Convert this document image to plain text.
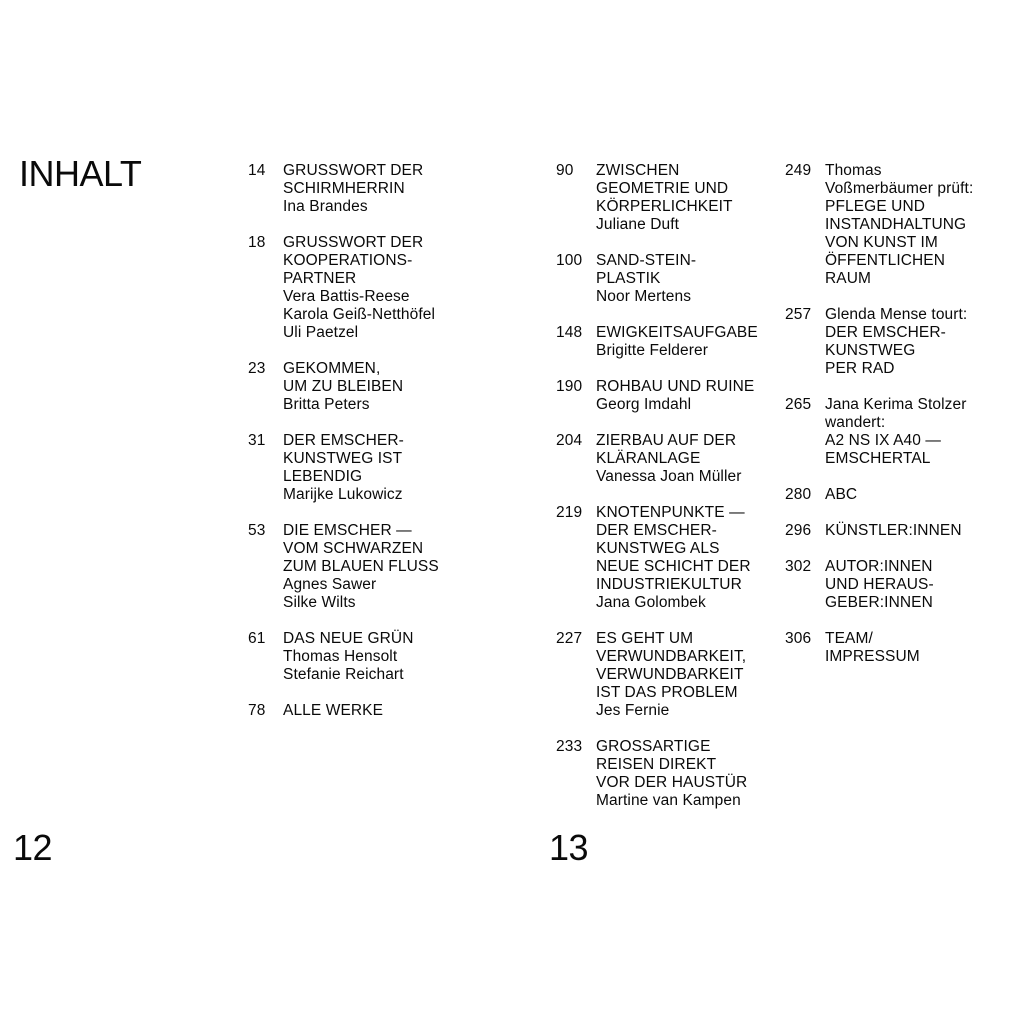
INHALT	14	GRUSSWORT DER
SCHIRMHERRIN
Ina Brandes
18	GRUSSWORT DER
KOOPERATIONS-
PARTNER
Vera Battis-Reese
Karola Geiß-Netthöfel
Uli Paetzel
23	GEKOMMEN,
UM ZU BLEIBEN
Britta Peters
31	DER EMSCHER-
KUNSTWEG IST
LEBENDIG
Marijke Lukowicz
53	DIE EMSCHER —
VOM SCHWARZEN
ZUM BLAUEN FLUSS
Agnes Sawer
Silke Wilts
61	DAS NEUE GRÜN
Thomas Hensolt
Stefanie Reichart
78	ALLE WERKE
90	ZWISCHEN
GEOMETRIE UND
KÖRPERLICHKEIT
Juliane Duft
100 SAND-STEIN-
PLASTIK
Noor Mertens
148 EWIGKEITSAUFGABE
Brigitte Felderer
190 ROHBAU UND RUINE
Georg Imdahl
204 ZIERBAU AUF DER
KLÄRANLAGE
Vanessa Joan Müller
219 KNOTENPUNKTE —
DER EMSCHER-
KUNSTWEG ALS
NEUE SCHICHT DER
INDUSTRIEKULTUR
Jana Golombek
227 ES GEHT UM
VERWUNDBARKEIT,
VERWUNDBARKEIT
IST DAS PROBLEM
Jes Fernie
233 GROSSARTIGE
REISEN DIREKT
VOR DER HAUSTÜR
Martine van Kampen
249 Thomas
Voßmerbäumer prüft:
PFLEGE UND
INSTANDHALTUNG
VON KUNST IM
ÖFFENTLICHEN
RAUM
257 Glenda Mense tourt:
DER EMSCHER-
KUNSTWEG
PER RAD
265 Jana Kerima Stolzer
wandert:
A2 NS IX A40 —
EMSCHERTAL
280 ABC
296 KÜNSTLER:INNEN
302 AUTOR:INNEN
UND HERAUS-
GEBER:INNEN
306 TEAM/
IMPRESSUM
12	13
